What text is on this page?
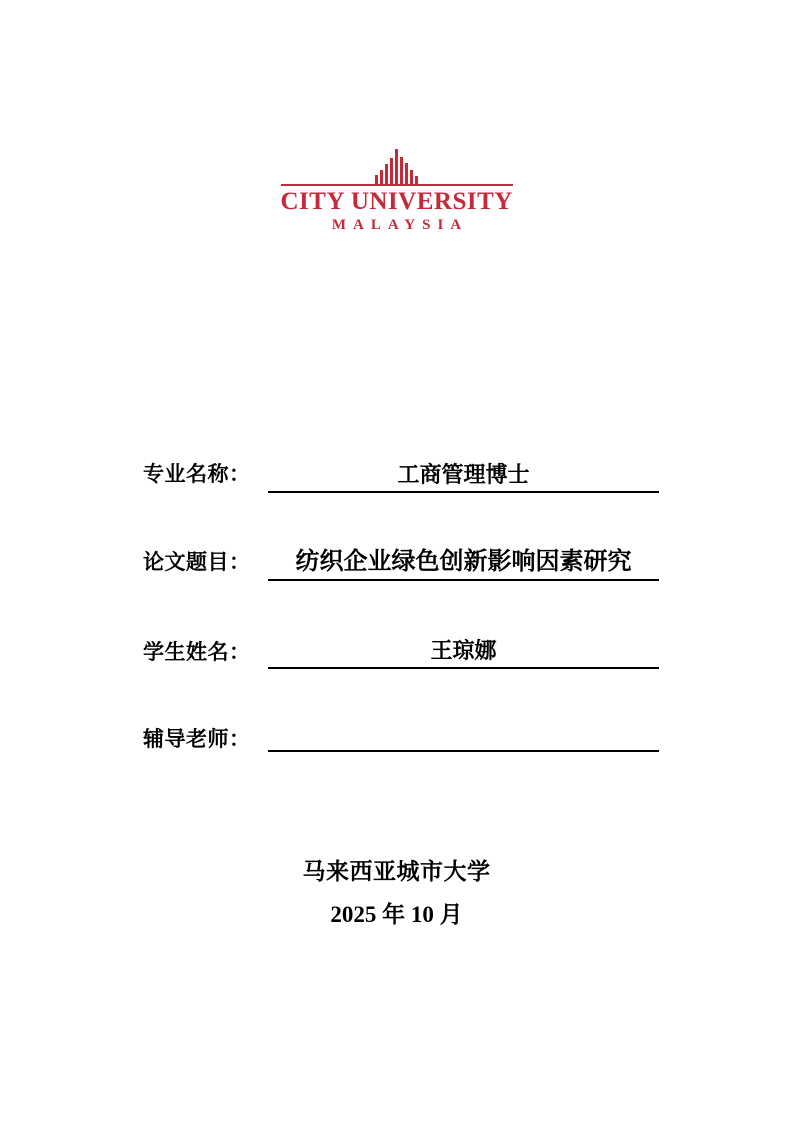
CITY UNIVERSITY
MALAYSIA
专业名称：	工商管理博士
论文题目： 纺织企业绿色创新影响因素研究
学生姓名：	王琼娜
辅导老师：
马来西亚城市大学
2025 年 10 月
